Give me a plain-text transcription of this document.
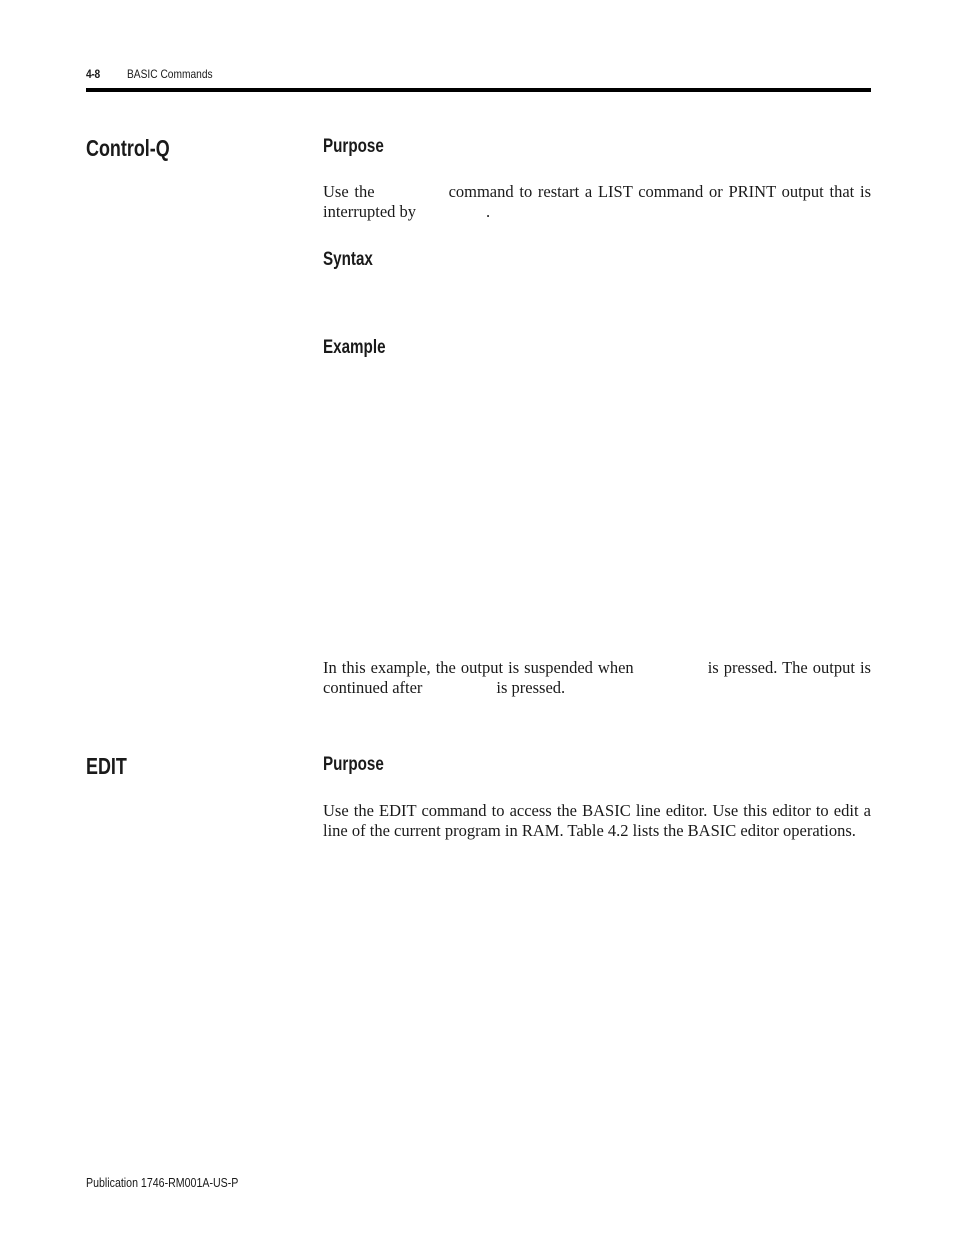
4-8 BASIC Commands
Control-Q	Purpose
Use the	command to restart a LIST command or PRINT output that is interrupted by	.
Syntax
Example
In this example, the output is suspended when	is pressed. The output is continued after	is pressed.
EDIT	Purpose
Use the EDIT command to access the BASIC line editor. Use this editor to edit a line of the current program in RAM. Table 4.2 lists the BASIC editor operations.
Publication 1746-RM001A-US-P
